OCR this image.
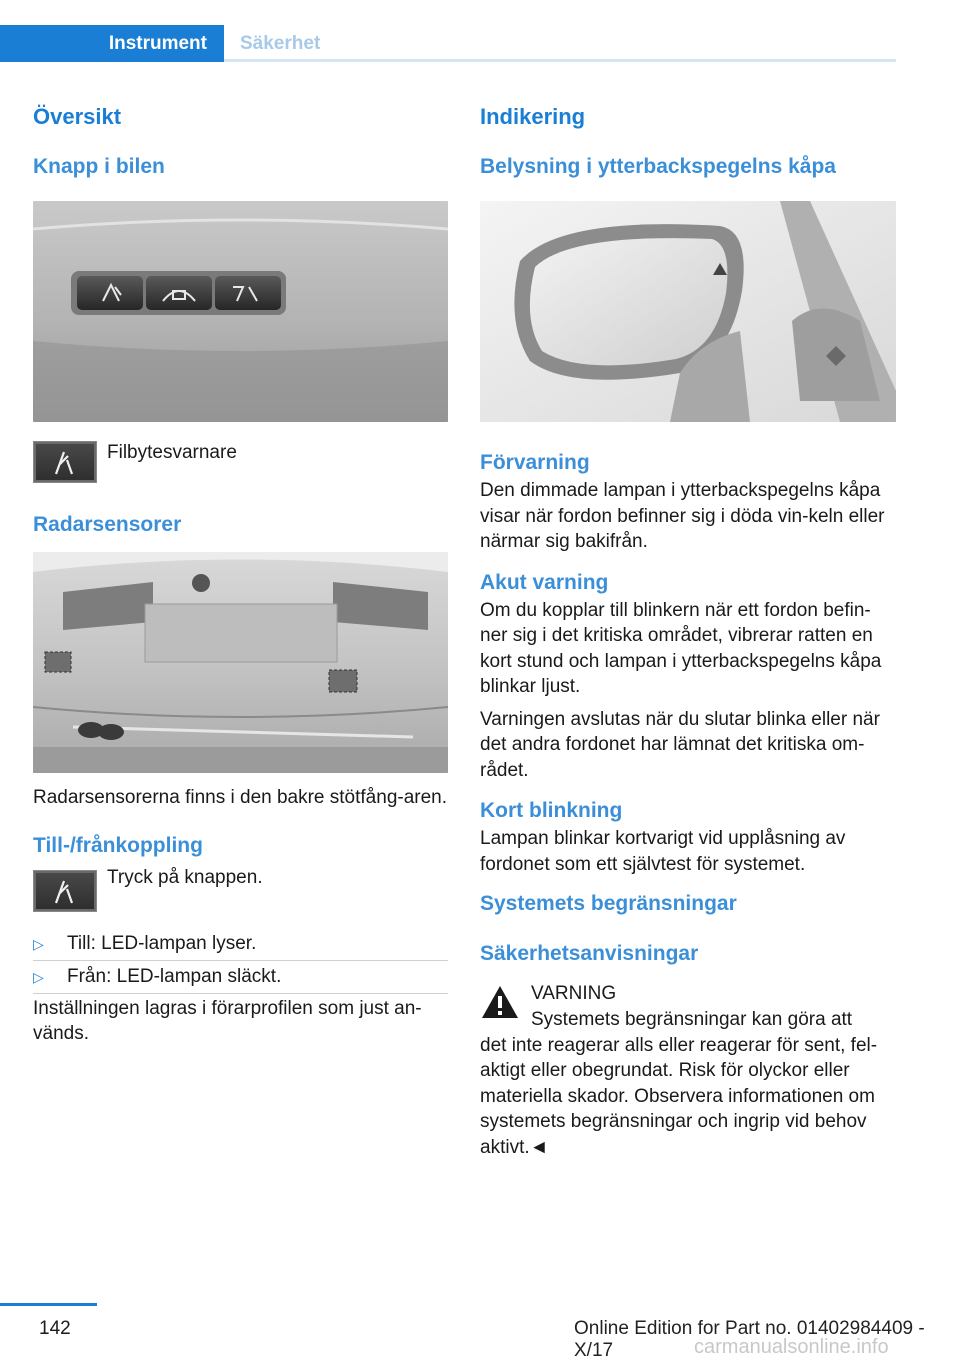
Instrument	Säkerhet
Översikt
Knapp i bilen
Filbytesvarnare
Radarsensorer

Radarsensorerna finns i den bakre stötfång-aren.

Till-/frånkoppling
Tryck på knappen.
▷ Till: LED-lampan lyser.
▷ Från: LED-lampan släckt.

Inställningen lagras i förarprofilen som just an-vänds.

Indikering
Belysning i ytterbackspegelns kåpa
Förvarning

Den dimmade lampan i ytterbackspegelns kåpa visar när fordon befinner sig i döda vin-keln eller närmar sig bakifrån.

Akut varning

Om du kopplar till blinkern när ett fordon befin-ner sig i det kritiska området, vibrerar ratten en kort stund och lampan i ytterbackspegelns kåpa blinkar ljust.

Varningen avslutas när du slutar blinka eller när det andra fordonet har lämnat det kritiska om-rådet.

Kort blinkning

Lampan blinkar kortvarigt vid upplåsning av fordonet som ett självtest för systemet.

Systemets begränsningar
Säkerhetsanvisningar
VARNING
Systemets begränsningar kan göra att
det inte reagerar alls eller reagerar för sent, fel-aktigt eller obegrundat. Risk för olyckor eller materiella skador. Observera informationen om systemets begränsningar och ingrip vid behov aktivt.◄
142	Online Edition for Part no. 01402984409 - X/17	carmanualsonline.info
